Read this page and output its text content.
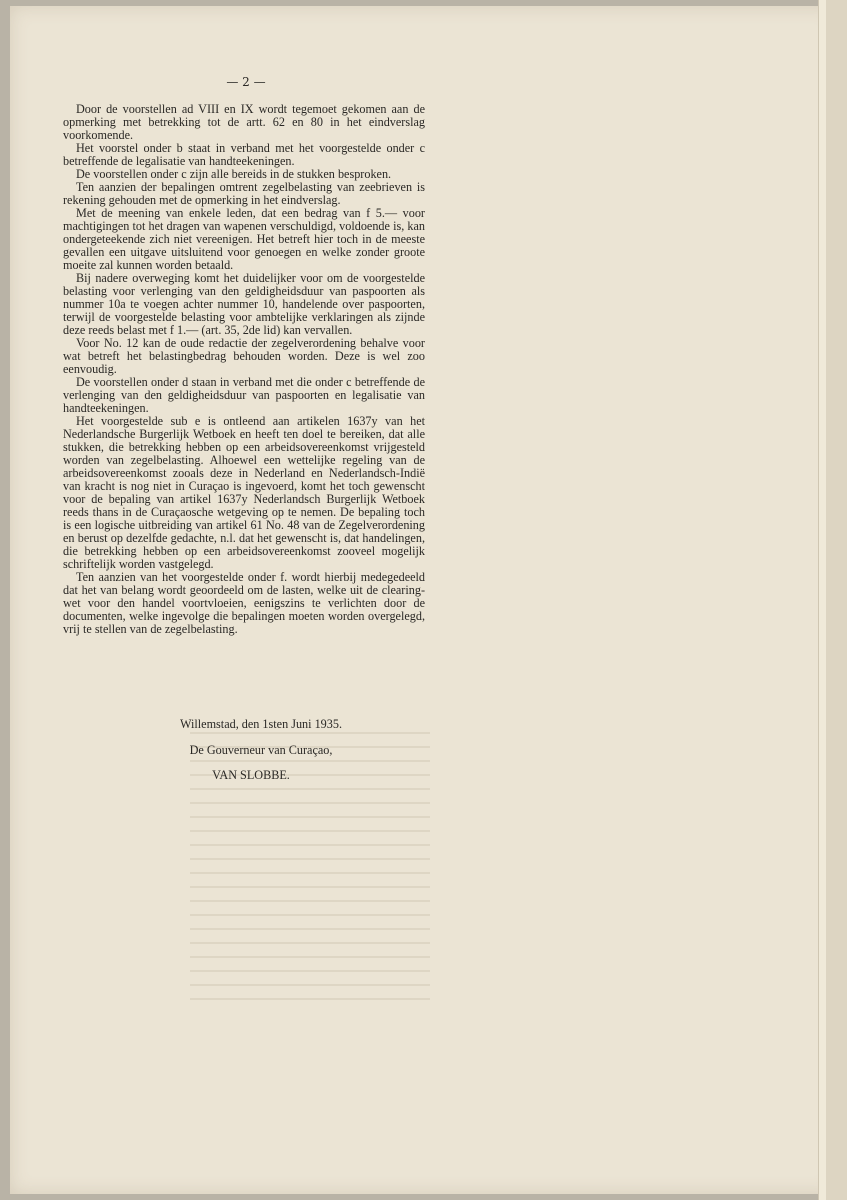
— 2 —

Door de voorstellen ad VIII en IX wordt tegemoet gekomen aan de opmerking met betrekking tot de artt. 62 en 80 in het eindverslag voorkomende.

Het voorstel onder b staat in verband met het voorgestelde onder c betreffende de legalisatie van handteekeningen.

De voorstellen onder c zijn alle bereids in de stukken besproken.

Ten aanzien der bepalingen omtrent zegelbelasting van zeebrieven is rekening gehouden met de opmerking in het eindverslag.

Met de meening van enkele leden, dat een bedrag van f 5.— voor machtigingen tot het dragen van wapenen verschuldigd, voldoende is, kan ondergeteekende zich niet vereenigen. Het betreft hier toch in de meeste gevallen een uitgave uitsluitend voor genoegen en welke zonder groote moeite zal kunnen worden betaald.

Bij nadere overweging komt het duidelijker voor om de voorgestelde belasting voor verlenging van den geldigheidsduur van paspoorten als nummer 10a te voegen achter nummer 10, handelende over paspoorten, terwijl de voorgestelde belasting voor ambtelijke verklaringen als zijnde deze reeds belast met f 1.— (art. 35, 2de lid) kan vervallen.

Voor No. 12 kan de oude redactie der zegelverordening behalve voor wat betreft het belastingbedrag behouden worden. Deze is wel zoo eenvoudig.

De voorstellen onder d staan in verband met die onder c betreffende de verlenging van den geldigheidsduur van paspoorten en legalisatie van handteekeningen.

Het voorgestelde sub e is ontleend aan artikelen 1637y van het Nederlandsche Burgerlijk Wetboek en heeft ten doel te bereiken, dat alle stukken, die betrekking hebben op een arbeidsovereenkomst vrijgesteld worden van zegelbelasting. Alhoewel een wettelijke regeling van de arbeidsovereenkomst zooals deze in Nederland en Nederlandsch-Indië van kracht is nog niet in Curaçao is ingevoerd, komt het toch gewenscht voor de bepaling van artikel 1637y Nederlandsch Burgerlijk Wetboek reeds thans in de Curaçaosche wetgeving op te nemen. De bepaling toch is een logische uitbreiding van artikel 61 No. 48 van de Zegelverordening en berust op dezelfde gedachte, n.l. dat het gewenscht is, dat handelingen, die betrekking hebben op een arbeidsovereenkomst zooveel mogelijk schriftelijk worden vastgelegd.

Ten aanzien van het voorgestelde onder f. wordt hierbij medegedeeld dat het van belang wordt geoordeeld om de lasten, welke uit de clearing-wet voor den handel voortvloeien, eenigszins te verlichten door de documenten, welke ingevolge die bepalingen moeten worden overgelegd, vrij te stellen van de zegelbelasting.

Willemstad, den 1sten Juni 1935.
De Gouverneur van Curaçao,
VAN SLOBBE.
